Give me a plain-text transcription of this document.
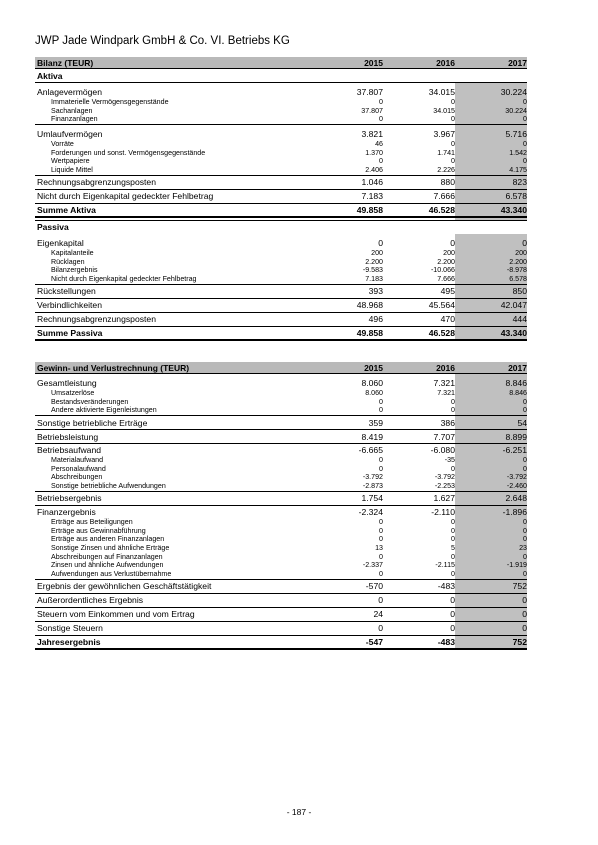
JWP Jade Windpark GmbH & Co. VI. Betriebs KG
Bilanz (TEUR)	2015	2016	2017
Aktiva
Anlagevermögen	37.807	34.015	30.224
Immaterielle Vermögensgegenstände	0	0	0
Sachanlagen	37.807	34.015	30.224
Finanzanlagen	0	0	0
Umlaufvermögen	3.821	3.967	5.716
Vorräte	46	0	0
Forderungen und sonst. Vermögensgegenstände	1.370	1.741	1.542
Wertpapiere	0	0	0
Liquide Mittel	2.406	2.226	4.175
Rechnungsabgrenzungsposten	1.046	880	823
Nicht durch Eigenkapital gedeckter Fehlbetrag	7.183	7.666	6.578
Summe Aktiva	49.858	46.528	43.340
Passiva
Eigenkapital	0	0	0
Kapitalanteile	200	200	200
Rücklagen	2.200	2.200	2.200
Bilanzergebnis	-9.583	-10.066	-8.978
Nicht durch Eigenkapital gedeckter Fehlbetrag	7.183	7.666	6.578
Rückstellungen	393	495	850
Verbindlichkeiten	48.968	45.564	42.047
Rechnungsabgrenzungsposten	496	470	444
Summe Passiva	49.858	46.528	43.340
Gewinn- und Verlustrechnung (TEUR)	2015	2016	2017
Gesamtleistung	8.060	7.321	8.846
Umsatzerlöse	8.060	7.321	8.846
Bestandsveränderungen	0	0	0
Andere aktivierte Eigenleistungen	0	0	0
Sonstige betriebliche Erträge	359	386	54
Betriebsleistung	8.419	7.707	8.899
Betriebsaufwand	-6.665	-6.080	-6.251
Materialaufwand	0	-35	0
Personalaufwand	0	0	0
Abschreibungen	-3.792	-3.792	-3.792
Sonstige betriebliche Aufwendungen	-2.873	-2.253	-2.460
Betriebsergebnis	1.754	1.627	2.648
Finanzergebnis	-2.324	-2.110	-1.896
Erträge aus Beteiligungen	0	0	0
Erträge aus Gewinnabführung	0	0	0
Erträge aus anderen Finanzanlagen	0	0	0
Sonstige Zinsen und ähnliche Erträge	13	5	23
Abschreibungen auf Finanzanlagen	0	0	0
Zinsen und ähnliche Aufwendungen	-2.337	-2.115	-1.919
Aufwendungen aus Verlustübernahme	0	0	0
Ergebnis der gewöhnlichen Geschäftstätigkeit	-570	-483	752
Außerordentliches Ergebnis	0	0	0
Steuern vom Einkommen und vom Ertrag	24	0	0
Sonstige Steuern	0	0	0
Jahresergebnis	-547	-483	752
- 187 -
